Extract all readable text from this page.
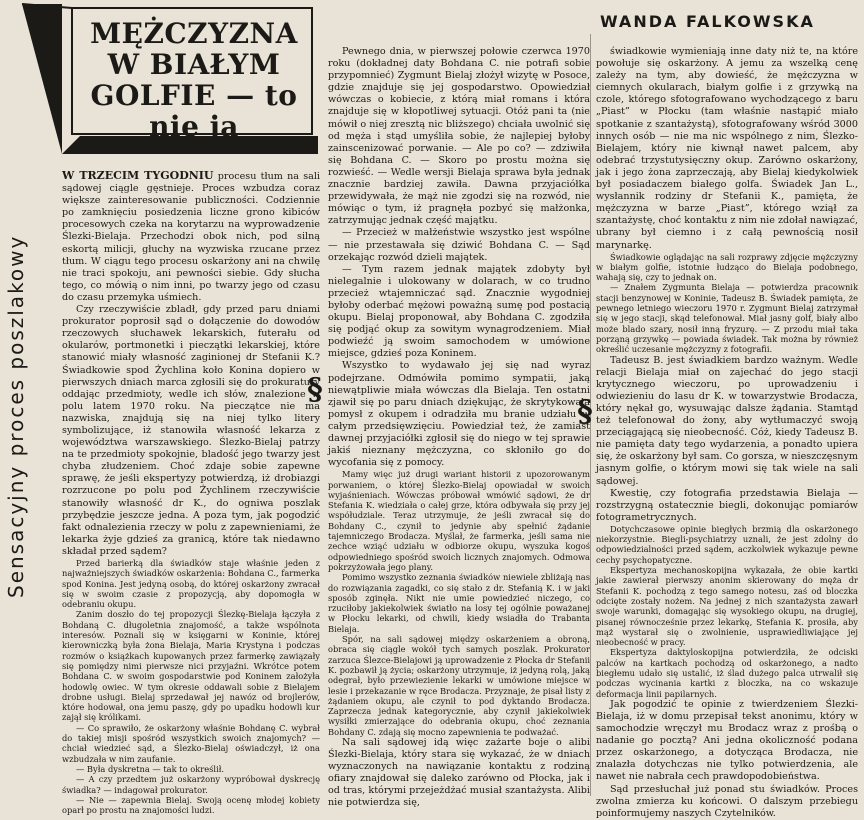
MĘŻCZYZNA
W BIAŁYM
GOLFIE — to nie ja
Sensacyjny proces poszlakowy
WANDA FALKOWSKA

W TRZECIM TYGODNIU procesu tłum na sali sądowej ciągle gęstnieje. Proces wzbudza coraz większe zainteresowanie publiczności. Codziennie po zamknięciu posiedzenia liczne grono kibiców procesowych czeka na korytarzu na wyprowadzenie Ślezki-Bielaja. Przechodzi obok nich, pod silną eskortą milicji, głuchy na wyzwiska rzucane przez tłum. W ciągu tego procesu oskarżony ani na chwilę nie traci spokoju, ani pewności siebie. Gdy słucha tego, co mówią o nim inni, po twarzy jego od czasu do czasu przemyka uśmiech.

Czy rzeczywiście zbladł, gdy przed paru dniami prokurator poprosił sąd o dołączenie do dowodów rzeczowych słuchawek lekarskich, futerału od okularów, portmonetki i pieczątki lekarskiej, które stanowić miały własność zaginionej dr Stefanii K.? Świadkowie spod Żychlina koło Konina dopiero w pierwszych dniach marca zgłosili się do prokuratury oddając przedmioty, wedle ich słów, znalezione w polu latem 1970 roku. Na pieczątce nie ma nazwiska, znajdują się na niej tylko litery symbolizujące, iż stanowiła własność lekarza z województwa warszawskiego. Ślezko-Bielaj patrzy na te przedmioty spokojnie, bladość jego twarzy jest chyba złudzeniem. Choć zdaje sobie zapewne sprawę, że jeśli ekspertyzy potwierdzą, iż drobiazgi rozrzucone po polu pod Żychlinem rzeczywiście stanowiły własność dr K., do ogniwa poszlak przybędzie jeszcze jedna. A poza tym, jak pogodzić fakt odnalezienia rzeczy w polu z zapewnieniami, że lekarka żyje gdzieś za granicą, które tak niedawno składał przed sądem?

Przed barierką dla świadków staje właśnie jeden z najważniejszych świadków oskarżenia: Bohdana C., farmerka spod Konina. Jest jedyną osobą, do której oskarżony zwracał się w swoim czasie z propozycją, aby dopomogła w odebraniu okupu.

Zanim doszło do tej propozycji Ślezkę-Bielaja łączyła z Bohdaną C. długoletnia znajomość, a także wspólnota interesów. Poznali się w księgarni w Koninie, której kierowniczką była żona Bielaja, Maria Krystyna i podczas rozmów o książkach kupowanych przez farmerkę zawiązały się pomiędzy nimi pierwsze nici przyjaźni. Wkrótce potem Bohdana C. w swoim gospodarstwie pod Koninem założyła hodowlę owiec. W tym okresie oddawali sobie z Bielajem drobne usługi. Bielaj sprzedawał jej nawóz od brojlerów, które hodował, ona jemu paszę, gdy po upadku hodowli kur zajął się królikami.

— Co sprawiło, że oskarżony właśnie Bohdanę C. wybrał do takiej misji spośród wszystkich swoich znajomych? — chciał wiedzieć sąd, a Ślezko-Bielaj oświadczył, iż ona wzbudzała w nim zaufanie.

— Była dyskretna — tak to określił.

— A czy przedtem już oskarżony wypróbował dyskrecję świadka? — indagował prokurator.

— Nie — zapewnia Bielaj. Swoją ocenę młodej kobiety oparł po prostu na znajomości ludzi.

§

Pewnego dnia, w pierwszej połowie czerwca 1970 roku (dokładnej daty Bohdana C. nie potrafi sobie przypomnieć) Zygmunt Bielaj złożył wizytę w Posoce, gdzie znajduje się jej gospodarstwo. Opowiedział wówczas o kobiecie, z którą miał romans i która znajduje się w kłopotliwej sytuacji. Otóż pani ta (nie mówił o niej zresztą nic bliższego) chciała uwolnić się od męża i stąd umyśliła sobie, że najlepiej byłoby zainscenizować porwanie. — Ale po co? — zdziwiła się Bohdana C. — Skoro po prostu można się rozwieść. — Wedle wersji Bielaja sprawa była jednak znacznie bardziej zawiła. Dawna przyjaciółka przewidywała, że mąż nie zgodzi się na rozwód, nie mówiąc o tym, iż pragnęła pozbyć się małżonka, zatrzymując jednak część majątku.

— Przecież w małżeństwie wszystko jest wspólne — nie przestawała się dziwić Bohdana C. — Sąd orzekając rozwód dzieli majątek.

— Tym razem jednak majątek zdobyty był nielegalnie i ulokowany w dolarach, w co trudno przecież wtajemniczać sąd. Znacznie wygodniej byłoby oderbać mężowi poważną sumę pod postacią okupu. Bielaj proponował, aby Bohdana C. zgodziła się podjąć okup za sowitym wynagrodzeniem. Miał podwieźć ją swoim samochodem w umówione miejsce, gdzieś poza Koninem.

Wszystko to wydawało jej się nad wyraz podejrzane. Odmówiła pomimo sympatii, jaką niewątpliwie miała wówczas dla Bielaja. Ten ostatni zjawił się po paru dniach dziękując, że skrytykowała pomysł z okupem i odradziła mu branie udziału w całym przedsięwzięciu. Powiedział też, że zamiast dawnej przyjaciółki zgłosił się do niego w tej sprawie jakiś nieznany mężczyzna, co skłoniło go do wycofania się z pomocy.

Mamy więc już drugi wariant historii z upozorowanym porwaniem, o której Ślezko-Bielaj opowiadał w swoich wyjaśnieniach. Wówczas próbował wmówić sądowi, że dr Stefania K. wiedziała o całej grze, która odbywała się przy jej współudziale. Teraz utrzymuje, że jeśli zwracał się do Bohdany C., czynił to jedynie aby spełnić żądanie tajemniczego Brodacza. Myślał, że farmerka, jeśli sama nie zechce wziąć udziału w odbiorze okupu, wyszuka kogoś odpowiedniego spośród swoich licznych znajomych. Odmowa pokrzyżowała jego plany.

Pomimo wszystko zeznania świadków niewiele zbliżają nas do rozwiązania zagadki, co się stało z dr. Stefanią K. i w jaki sposób zginęła. Nikt nie umie powiedzieć niczego, co rzuciłoby jakiekolwiek światło na losy tej ogólnie poważanej w Płocku lekarki, od chwili, kiedy wsiadła do Trabanta Bielaja.

Spór, na sali sądowej między oskarżeniem a obroną, obraca się ciągle wokół tych samych poszlak. Prokurator zarzuca Ślezce-Bielajowi ją uprowadzenie z Płocka dr Stefanii K. pozbawił ją życia; oskarżony utrzymuje, iż jedyną rolą, jaką odegrał, było przewiezienie lekarki w umówione miejsce w lesie i przekazanie w ręce Brodacza. Przyznaje, że pisał listy z żądaniem okupu, ale czynił to pod dyktando Brodacza. Zaprzecza jednak kategorycznie, aby czynił jakiekolwiek wysiłki zmierzające do odebrania okupu, choć zeznania Bohdany C. zdają się mocno zapewnienia te podważać.

Na sali sądowej idą więc zażarte boje o alibi Ślezki-Bielaja, który stara się wykazać, że w dniach wyznaczonych na nawiązanie kontaktu z rodziną ofiary znajdował się daleko zarówno od Płocka, jak i od tras, którymi przejeżdżać musiał szantażysta. Alibi nie potwierdza się,

§

świadkowie wymieniają inne daty niż te, na które powołuje się oskarżony. A jemu za wszelką cenę zależy na tym, aby dowieść, że mężczyzna w ciemnych okularach, białym golfie i z grzywką na czole, którego sfotografowano wychodzącego z baru „Piast” w Płocku (tam właśnie nastąpić miało spotkanie z szantażystą), sfotografowany wśród 3000 innych osób — nie ma nic wspólnego z nim, Ślezko-Bielajem, który nie kiwnął nawet palcem, aby odebrać trzystutysięczny okup. Zarówno oskarżony, jak i jego żona zaprzeczają, aby Bielaj kiedykolwiek był posiadaczem białego golfa. Świadek Jan L., wysłannik rodziny dr Stefanii K., pamięta, że mężczyzna w barze „Piast”, którego wziął za szantażystę, choć kontaktu z nim nie zdołał nawiązać, ubrany był ciemno i z całą pewnością nosił marynarkę.

Świadkowie oglądając na sali rozprawy zdjęcie mężczyzny w białym golfie, istotnie łudząco do Bielaja podobnego, wahają się, czy to jednak on.

— Znałem Zygmunta Bielaja — potwierdza pracownik stacji benzynowej w Koninie, Tadeusz B. Świadek pamięta, że pewnego letniego wieczoru 1970 r. Zygmunt Bielaj zatrzymał się w jego stacji, skąd telefonował. Miał jasny golf, biały albo może blado szary, nosił inną fryzurę. — Z przodu miał taka porząną grzywkę — powiada świadek. Tak można by również określić uczesanie mężczyzny z fotografii.

Tadeusz B. jest świadkiem bardzo ważnym. Wedle relacji Bielaja miał on zajechać do jego stacji krytycznego wieczoru, po uprowadzeniu i odwiezieniu do lasu dr K. w towarzystwie Brodacza, który nękał go, wysuwając dalsze żądania. Stamtąd też telefonował do żony, aby wytłumaczyć swoją przeciągającą się nieobecność. Cóż, kiedy Tadeusz B. nie pamięta daty tego wydarzenia, a ponadto upiera się, że oskarżony był sam. Co gorsza, w nieszczęsnym jasnym golfie, o którym mowi się tak wiele na sali sądowej.

Kwestię, czy fotografia przedstawia Bielaja — rozstrzygną ostatecznie biegli, dokonując pomiarów fotogrametrycznych.

Dotychczasowe opinie biegłych brzmią dla oskarżonego niekorzystnie. Biegli-psychiatrzy uznali, że jest zdolny do odpowiedzialności przed sądem, aczkolwiek wykazuje pewne cechy psychopatyczne.

Ekspertyza mechanoskopijna wykazała, że obie kartki jakie zawierał pierwszy anonim skierowany do męża dr Stefanii K. pochodzą z tego samego notesu, zaś od bloczka odcięte zostały nożem. Na jednej z nich szantażysta zawarł swoje warunki, domagając się wysokiego okupu, na drugiej, pisanej równocześnie przez lekarkę, Stefania K. prosiła, aby mąż wystarał się o zwolnienie, usprawiedliwiające jej nieobecność w pracy.

Ekspertyza daktyloskopijna potwierdziła, że odciski palców na kartkach pochodzą od oskarżonego, a nadto biegłemu udało się ustalić, iż ślad dużego palca utrwalił się podczas wycinania kartki z bloczka, na co wskazuje deformacja linii papilarnych.

Jak pogodzić te opinie z twierdzeniem Ślezki-Bielaja, iż w domu przepisał tekst anonimu, który w samochodzie wręczył mu Brodacz wraz z prośbą o nadanie go pocztą? Ani jedna okoliczność podana przez oskarżonego, a dotycząca Brodacza, nie znalazła dotychczas nie tylko potwierdzenia, ale nawet nie nabrała cech prawdopodobieństwa.

Sąd przesłuchał już ponad stu świadków. Proces zwolna zmierza ku końcowi. O dalszym przebiegu poinformujemy naszych Czytelników.
